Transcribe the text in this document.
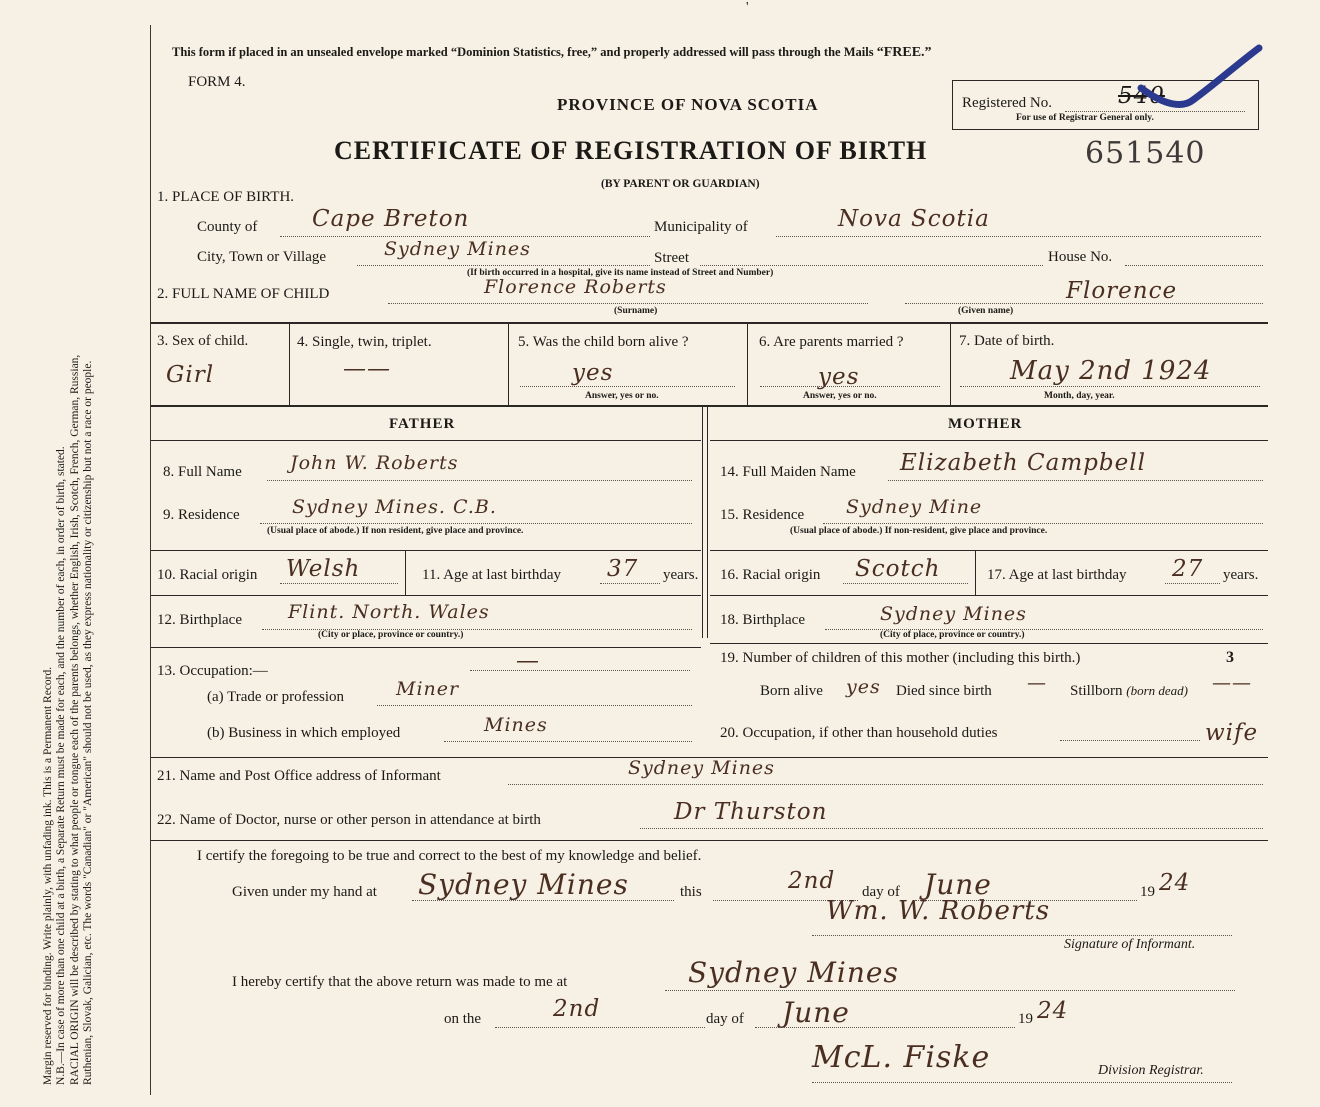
Margin reserved for binding. Write plainly, with unfading ink. This is a Permanent Record. N.B.—In case of more than one child at a birth, a Separate Return must be made for each, and the number of each, in order of birth, stated. RACIAL ORIGIN will be described by stating to what people or tongue each of the parents belongs, whether English, Irish, Scotch, French, German, Russian, Ruthenian, Slovak, Galician, etc. The words "Canadian" or "American" should not be used, as they express nationality or citizenship but not a race or people.
'
This form if placed in an unsealed envelope marked “Dominion Statistics, free,” and properly addressed will pass through the Mails “FREE.”
FORM 4.
PROVINCE OF NOVA SCOTIA	Registered No.	540
For use of Registrar General only.
CERTIFICATE OF REGISTRATION OF BIRTH	651540
(BY PARENT OR GUARDIAN)
1. PLACE OF BIRTH.
County of Cape Breton	Municipality of	Nova Scotia
City, Town or Village	Sydney Mines	Street	House No.
(If birth occurred in a hospital, give its name instead of Street and Number)
2. FULL NAME OF CHILD	Florence Roberts
(Surname)
Florence
(Given name)
3. Sex of child.
Girl
4. Single, twin, triplet.
——
5. Was the child born alive ?
yes
Answer, yes or no.
6. Are parents married ?
yes
Answer, yes or no.
7. Date of birth.
May 2nd 1924
Month, day, year.
FATHER	MOTHER
8. Full Name	John W. Roberts
9. Residence	Sydney Mines. C.B.
(Usual place of abode.) If non resident, give place and province.
10. Racial origin Welsh	11. Age at last birthday 37 years.
12. Birthplace Flint. North. Wales
(City or place, province or country.)
13. Occupation:—	—
(a) Trade or profession	Miner
(b) Business in which employed	Mines
14. Full Maiden Name Elizabeth Campbell
15. Residence Sydney Mine
(Usual place of abode.) If non-resident, give place and province.
16. Racial origin Scotch	17. Age at last birthday 27 years.
18. Birthplace	Sydney Mines
(City of place, province or country.)
19. Number of children of this mother (including this birth.)	3
Born alive yes Died since birth — Stillborn (born dead) ——
20. Occupation, if other than household duties	wife
21. Name and Post Office address of Informant	Sydney Mines
22. Name of Doctor, nurse or other person in attendance at birth	Dr Thurston
I certify the foregoing to be true and correct to the best of my knowledge and belief.
Given under my hand at Sydney Mines	this	2nd day of June	19 24
Wm. W. Roberts
Signature of Informant.
I hereby certify that the above return was made to me at	Sydney Mines
on the	2nd	day of June	19 24
McL. Fiske	Division Registrar.
